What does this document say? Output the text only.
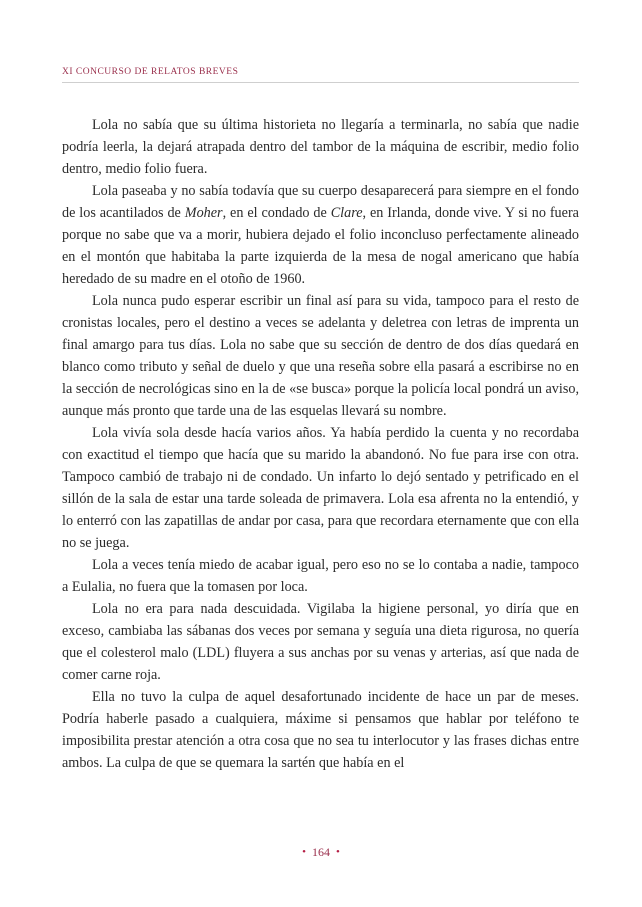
XI CONCURSO DE RELATOS BREVES

Lola no sabía que su última historieta no llegaría a terminarla, no sabía que nadie podría leerla, la dejará atrapada dentro del tambor de la máquina de escribir, medio folio dentro, medio folio fuera.

Lola paseaba y no sabía todavía que su cuerpo desaparecerá para siempre en el fondo de los acantilados de Moher, en el condado de Clare, en Irlanda, donde vive. Y si no fuera porque no sabe que va a morir, hubiera dejado el folio inconcluso perfectamente alineado en el montón que habitaba la parte izquierda de la mesa de nogal americano que había heredado de su madre en el otoño de 1960.

Lola nunca pudo esperar escribir un final así para su vida, tampoco para el resto de cronistas locales, pero el destino a veces se adelanta y deletrea con letras de imprenta un final amargo para tus días. Lola no sabe que su sección de dentro de dos días quedará en blanco como tributo y señal de duelo y que una reseña sobre ella pasará a escribirse no en la sección de necrológicas sino en la de «se busca» porque la policía local pondrá un aviso, aunque más pronto que tarde una de las esquelas llevará su nombre.

Lola vivía sola desde hacía varios años. Ya había perdido la cuenta y no recordaba con exactitud el tiempo que hacía que su marido la abandonó. No fue para irse con otra. Tampoco cambió de trabajo ni de condado. Un infarto lo dejó sentado y petrificado en el sillón de la sala de estar una tarde soleada de primavera. Lola esa afrenta no la entendió, y lo enterró con las zapatillas de andar por casa, para que recordara eternamente que con ella no se juega.

Lola a veces tenía miedo de acabar igual, pero eso no se lo contaba a nadie, tampoco a Eulalia, no fuera que la tomasen por loca.

Lola no era para nada descuidada. Vigilaba la higiene personal, yo diría que en exceso, cambiaba las sábanas dos veces por semana y seguía una dieta rigurosa, no quería que el colesterol malo (LDL) fluyera a sus anchas por su venas y arterias, así que nada de comer carne roja.

Ella no tuvo la culpa de aquel desafortunado incidente de hace un par de meses. Podría haberle pasado a cualquiera, máxime si pensamos que hablar por teléfono te imposibilita prestar atención a otra cosa que no sea tu interlocutor y las frases dichas entre ambos. La culpa de que se quemara la sartén que había en el

• 164 •
